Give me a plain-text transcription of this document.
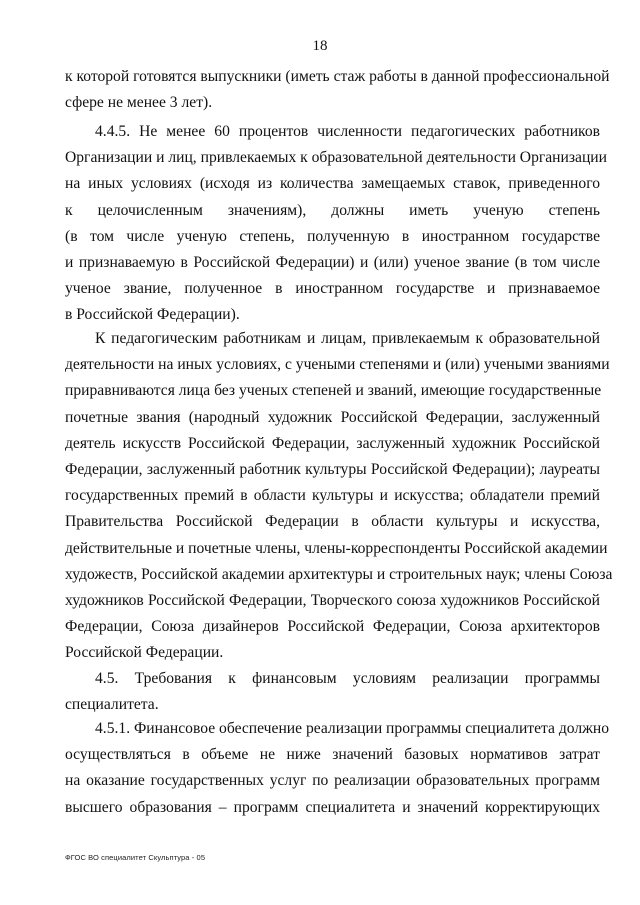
18
к которой готовятся выпускники (иметь стаж работы в данной профессиональной
сфере не менее 3 лет).
4.4.5. Не менее 60 процентов численности педагогических работников
Организации и лиц, привлекаемых к образовательной деятельности Организации
на иных условиях (исходя из количества замещаемых ставок, приведенного
к целочисленным значениям), должны иметь ученую степень
(в том числе ученую степень, полученную в иностранном государстве
и признаваемую в Российской Федерации) и (или) ученое звание (в том числе
ученое звание, полученное в иностранном государстве и признаваемое
в Российской Федерации).
К педагогическим работникам и лицам, привлекаемым к образовательной
деятельности на иных условиях, с учеными степенями и (или) учеными званиями
приравниваются лица без ученых степеней и званий, имеющие государственные
почетные звания (народный художник Российской Федерации, заслуженный
деятель искусств Российской Федерации, заслуженный художник Российской
Федерации, заслуженный работник культуры Российской Федерации); лауреаты
государственных премий в области культуры и искусства; обладатели премий
Правительства Российской Федерации в области культуры и искусства,
действительные и почетные члены, члены-корреспонденты Российской академии
художеств, Российской академии архитектуры и строительных наук; члены Союза
художников Российской Федерации, Творческого союза художников Российской
Федерации, Союза дизайнеров Российской Федерации, Союза архитекторов
Российской Федерации.
4.5. Требования к финансовым условиям реализации программы
специалитета.
4.5.1. Финансовое обеспечение реализации программы специалитета должно
осуществляться в объеме не ниже значений базовых нормативов затрат
на оказание государственных услуг по реализации образовательных программ
высшего образования – программ специалитета и значений корректирующих
ФГОС ВО специалитет Скульптура - 05
